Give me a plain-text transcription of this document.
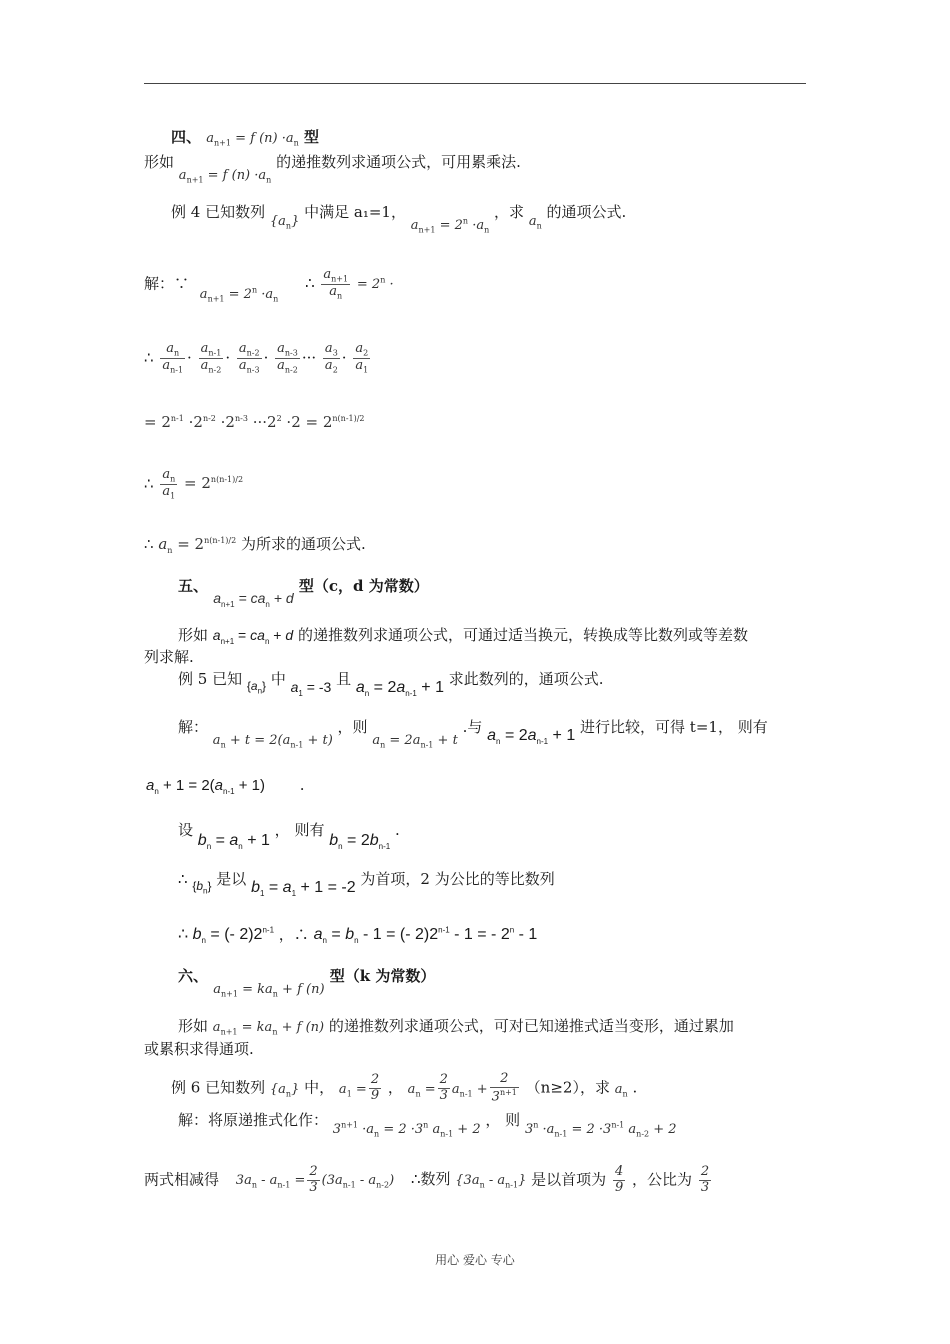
四、 $a_{n+1} = f$ $(n) \cdot a_n$ 型
形如 $a_{n+1} = f$ $(n) \cdot a_n$ 的递推数列求通项公式，可用累乘法.
例 4 已知数列 $\{a_n\}$ 中满足 a₁=1， $a_{n+1} = 2^n \cdot a_n$ ，求 $a_n$ 的通项公式.
解：∵ $a_{n+1} = 2^n \cdot a_n$ ∴ $\frac{a_{n+1}}{a_n} = 2^n$ ·
∴ $\frac{a_n}{a_{n-1}} \cdot \frac{a_{n-1}}{a_{n-2}} \cdot \frac{a_{n-2}}{a_{n-3}} \cdot \frac{a_{n-3}}{a_{n-2}}$ ··· $\frac{a_3}{a_2} \cdot \frac{a_2}{a_1}$
= $2^{n-1} \cdot 2^{n-2} \cdot 2^{n-3} \cdot\cdot\cdot 2^2 \cdot 2 = 2^{n(n-1)/2}$
∴ $\frac{a_n}{a_1} = 2^{n(n-1)/2}$
∴ $a_n = 2^{n(n-1)/2}$ 为所求的通项公式.
五、 $a_{n+1} = ca_n + d$ 型（c，d 为常数）
形如 $a_{n+1} = ca_n + d$ 的递推数列求通项公式，可通过适当换元，转换成等比数列或等差数
列求解.
例 5 已知 $_{\{a_n\}}$ 中 $a_1 = -3$ 且 $a_n = 2a_{n-1} + 1$ 求此数列的，通项公式.
解： $a_n + t = 2(a_{n-1} + t)$ ，则 $a_n = 2a_{n-1} + t$ .与 $a_n = 2a_{n-1} + 1$ 进行比较，可得 t=1， 则有
$a_n + 1 = 2(a_{n-1} + 1)$ .
设 $b_n = a_n + 1$ ， 则有 $b_n = 2b_{n-1}$ .
∴ $_{\{b_n\}}$ 是以 $b_1 = a_1 + 1 = -2$ 为首项，2 为公比的等比数列
∴ $b_n$ = (- 2)2$^{n-1}$ ，∴ $a_n = b_n - 1$ = (- 2)2$^{n-1}$ - 1 = - 2$^n$ - 1
六、 $a_{n+1} = ka_n + f$ (n) 型（k 为常数）
形如 $a_{n+1} = ka_n + f$ (n) 的递推数列求通项公式，可对已知递推式适当变形，通过累加
或累积求得通项.
例 6 已知数列 $\{a_n\}$ 中， $a_1 = \frac{2}{9}$ ， $a_n = \frac{2}{3} a_{n-1} + \frac{2}{3^{n+1}} (n\ge 2)$，求 $a_n$ .
解：将原递推式化作： $3^{n+1} \cdot a_n = 2 \cdot 3^n$ $a_{n-1} + 2$ ， 则 $3^n \cdot a_{n-1} = 2 \cdot 3^{n-1}$ $a_{n-2} + 2$
两式相减得 $3a_n - a_{n-1} = \frac{2}{3} (3a_{n-1} - a_{n-2})$ ∴数列 $\{3a_n - a_{n-1}\}$ 是以首项为 $\frac{4}{9}$ ，公比为 $\frac{2}{3}$
用心 爱心 专心
